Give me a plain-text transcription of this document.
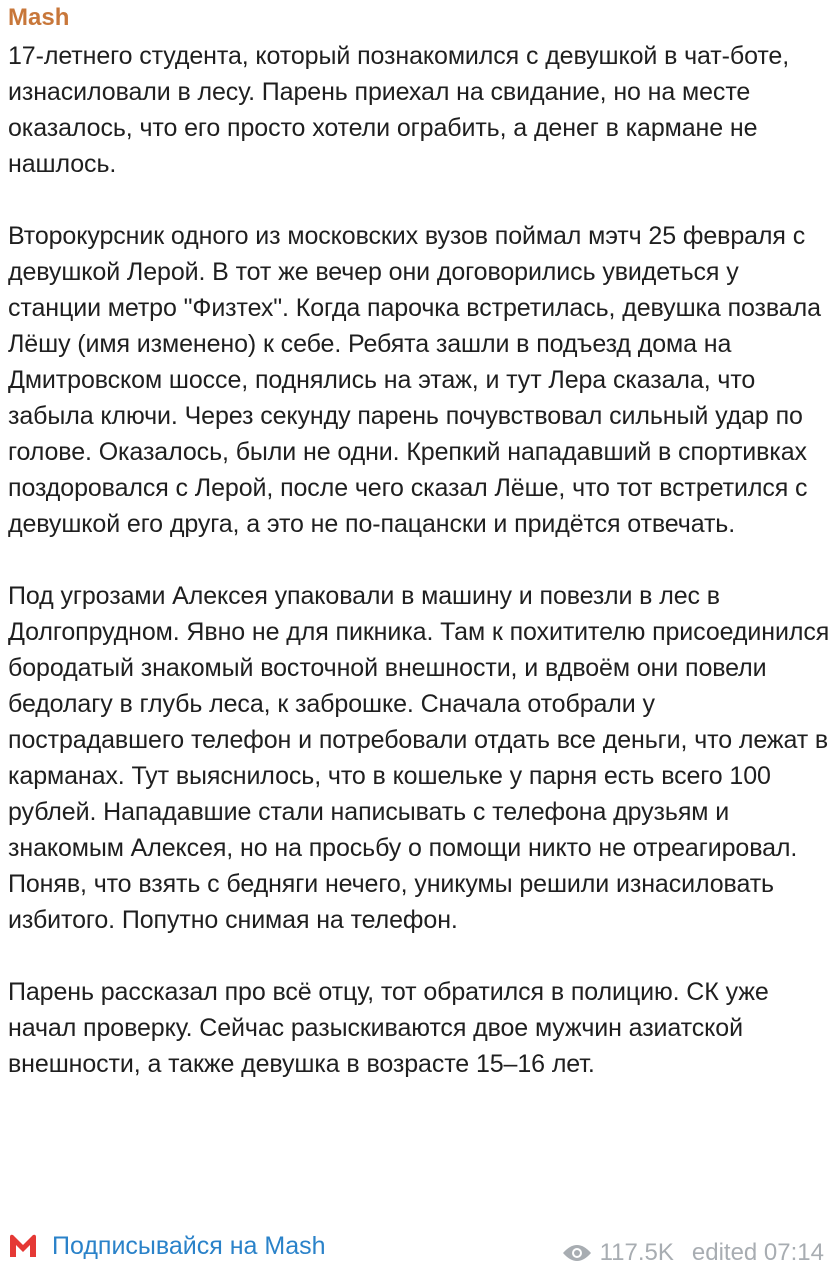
Mash
17-летнего студента, который познакомился с девушкой в чат-боте, изнасиловали в лесу. Парень приехал на свидание, но на месте оказалось, что его просто хотели ограбить, а денег в кармане не нашлось.
Второкурсник одного из московских вузов поймал мэтч 25 февраля с девушкой Лерой. В тот же вечер они договорились увидеться у станции метро "Физтех". Когда парочка встретилась, девушка позвала Лёшу (имя изменено) к себе. Ребята зашли в подъезд дома на Дмитровском шоссе, поднялись на этаж, и тут Лера сказала, что забыла ключи. Через секунду парень почувствовал сильный удар по голове. Оказалось, были не одни. Крепкий нападавший в спортивках поздоровался с Лерой, после чего сказал Лёше, что тот встретился с девушкой его друга, а это не по-пацански и придётся отвечать.
Под угрозами Алексея упаковали в машину и повезли в лес в Долгопрудном. Явно не для пикника. Там к похитителю присоединился бородатый знакомый восточной внешности, и вдвоём они повели бедолагу в глубь леса, к заброшке. Сначала отобрали у пострадавшего телефон и потребовали отдать все деньги, что лежат в карманах. Тут выяснилось, что в кошельке у парня есть всего 100 рублей. Нападавшие стали написывать с телефона друзьям и знакомым Алексея, но на просьбу о помощи никто не отреагировал. Поняв, что взять с бедняги нечего, уникумы решили изнасиловать избитого. Попутно снимая на телефон.
Парень рассказал про всё отцу, тот обратился в полицию. СК уже начал проверку. Сейчас разыскиваются двое мужчин азиатской внешности, а также девушка в возрасте 15–16 лет.
Подписывайся на Mash	117.5K edited 07:14
